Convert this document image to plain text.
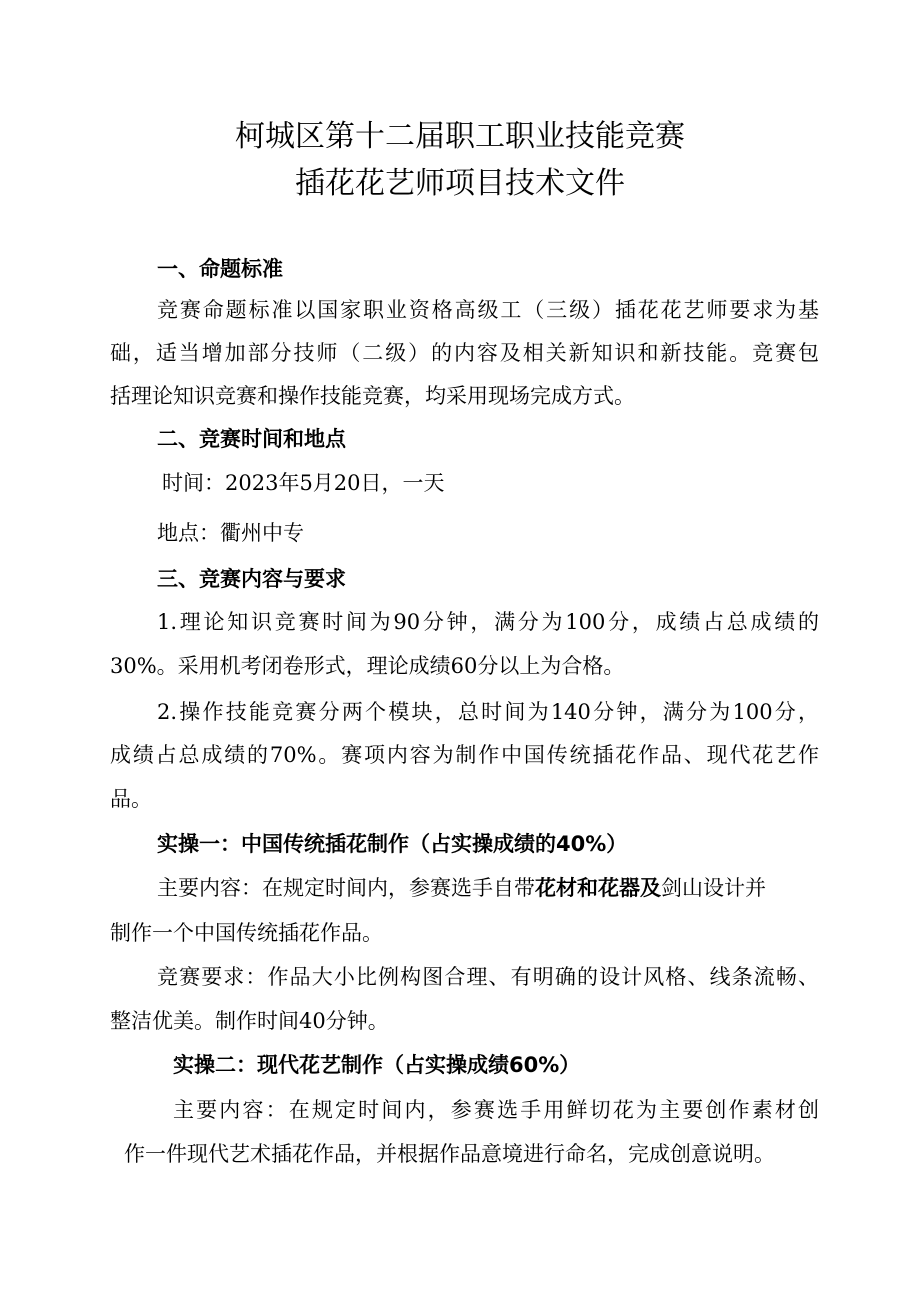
柯城区第十二届职工职业技能竞赛
插花花艺师项目技术文件
一、命题标准
竞赛命题标准以国家职业资格高级工（三级）插花花艺师要求为基
础，适当增加部分技师（二级）的内容及相关新知识和新技能。竞赛包
括理论知识竞赛和操作技能竞赛，均采用现场完成方式。
二、竞赛时间和地点
时间：2023年5月20日，一天
地点：衢州中专
三、竞赛内容与要求
1.理论知识竞赛时间为90分钟，满分为100分，成绩占总成绩的
30%。采用机考闭卷形式，理论成绩60分以上为合格。
2.操作技能竞赛分两个模块，总时间为140分钟，满分为100分，
成绩占总成绩的70%。赛项内容为制作中国传统插花作品、现代花艺作
品。
实操一：中国传统插花制作（占实操成绩的40%）
主要内容：在规定时间内，参赛选手自带花材和花器及剑山设计并
制作一个中国传统插花作品。
竞赛要求：作品大小比例构图合理、有明确的设计风格、线条流畅、
整洁优美。制作时间40分钟。
实操二：现代花艺制作（占实操成绩60%）
主要内容：在规定时间内，参赛选手用鲜切花为主要创作素材创
作一件现代艺术插花作品，并根据作品意境进行命名，完成创意说明。
